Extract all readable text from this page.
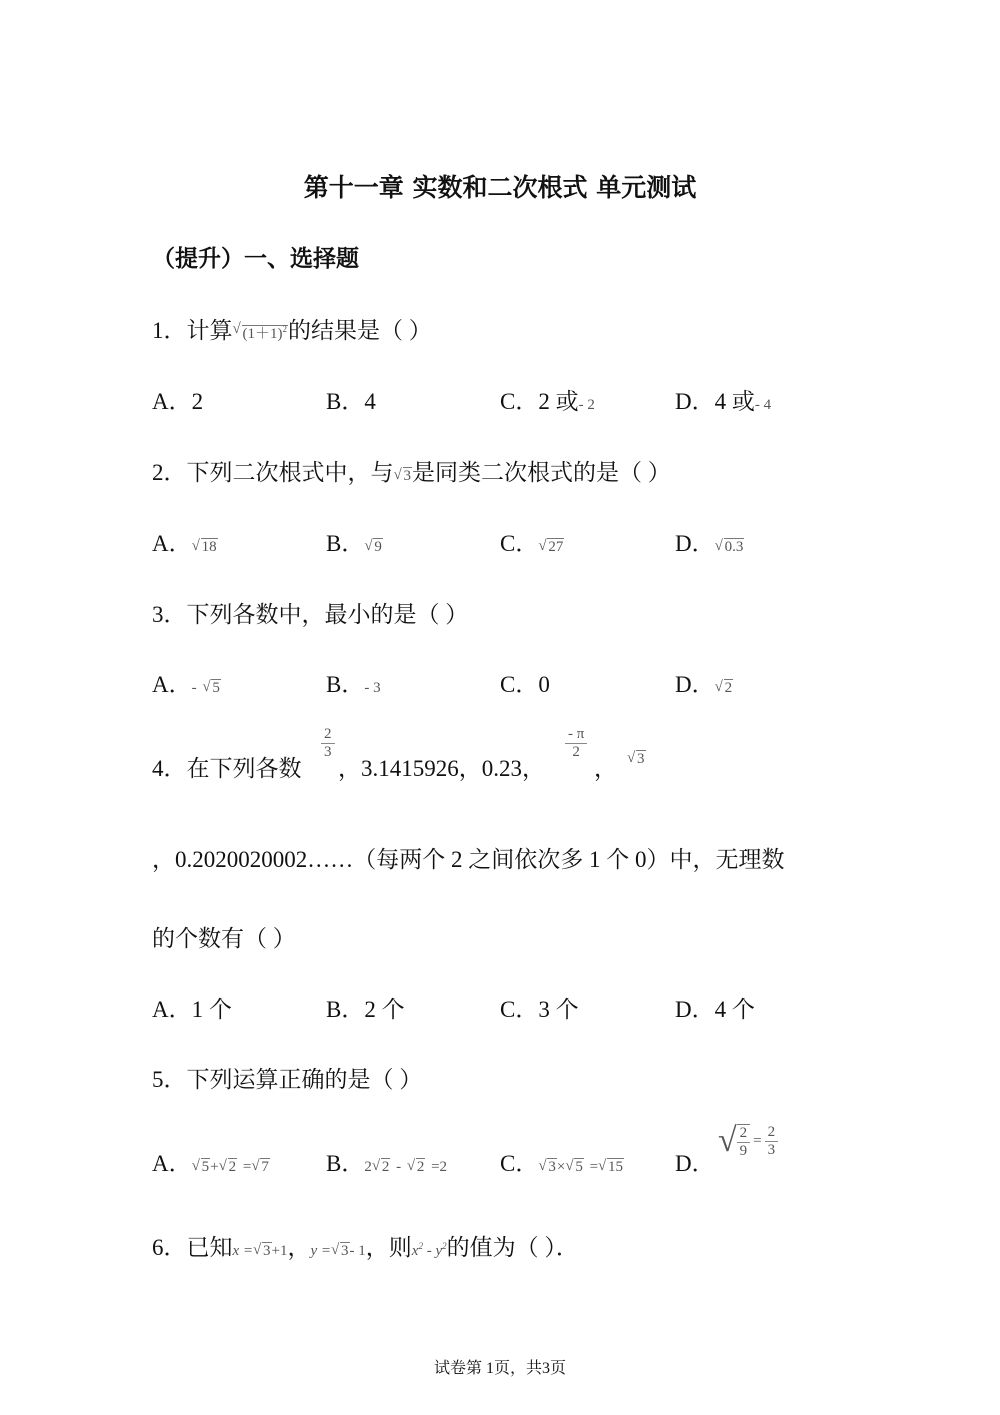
第十一章 实数和二次根式 单元测试
（提升）一、选择题
1．计算 √ $(1+1)^2$的结果是（ ）
A．2	B．4	C．2 或- 2	D．4 或- 4
2．下列二次根式中，与 √ 3是同类二次根式的是（ ）
A． √ 18	B． √ 9	C． √ 27	D． √ 0.3
3．下列各数中，最小的是（ ）
A．- √ 5	B．- 3	C．0	D． √ 2
4．在下列各数
$\frac{2}{3}$
，3.1415926，0.23，
$\frac{- \pi}{2}$
， √ 3
，0.2020020002……（每两个 2 之间依次多 1 个 0）中，无理数
的个数有（ ）
A．1 个	B．2 个	C．3 个	D．4 个
5．下列运算正确的是（ ）
A． √ 5+ √ 2 = √ 7 B．2 √ 2 - √ 2 =2 C． √ 3× √ 5 = √ 15 D．
√ $\frac{2}{9} = \frac{2}{3}$
6．已知x = √ 3+1，y = √ 3- 1，则$x^2 - y^2$的值为（ ）．
试卷第 1页，共3页
